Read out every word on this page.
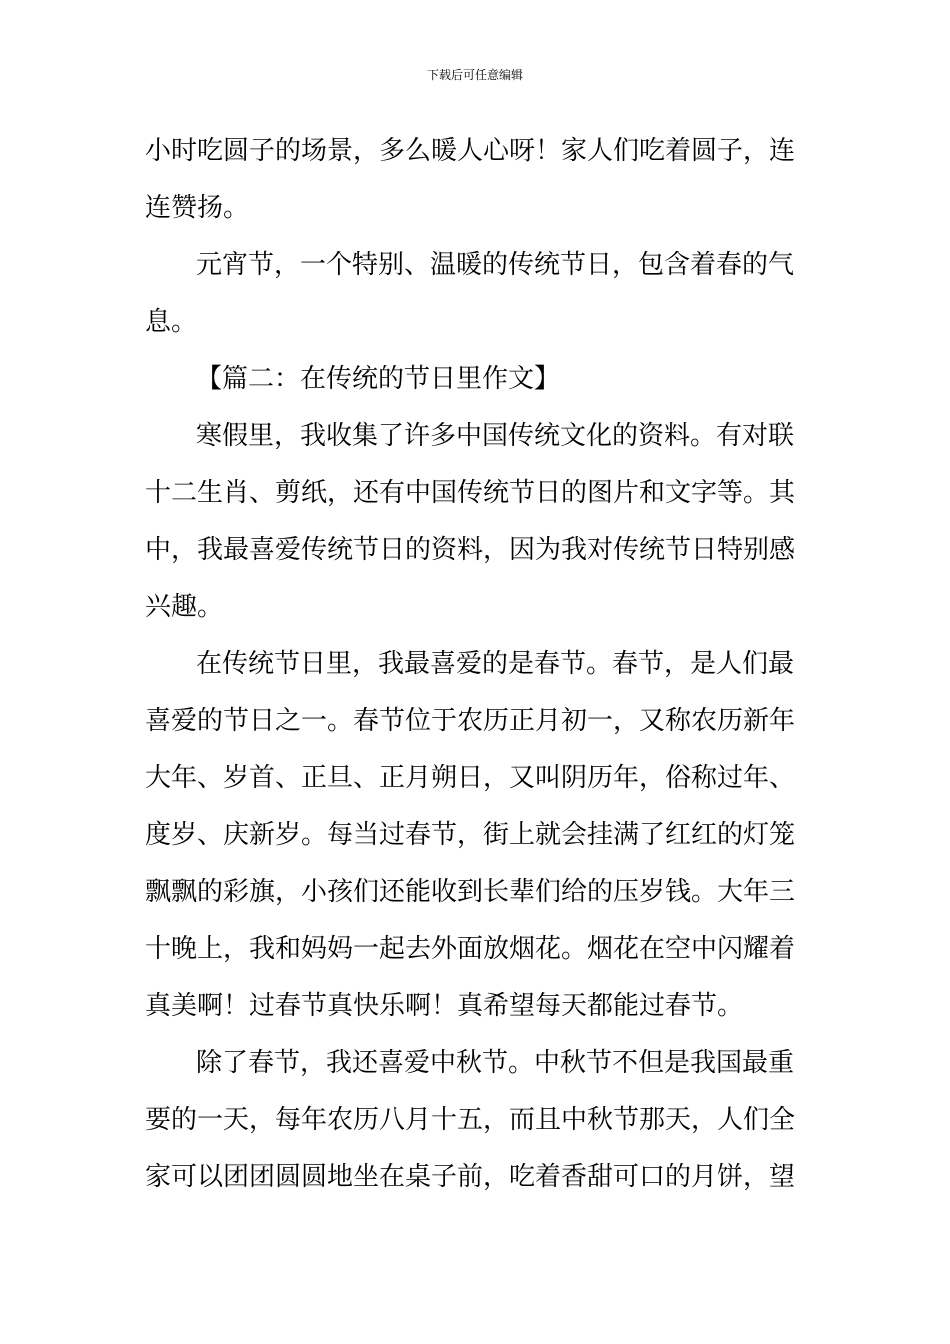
下载后可任意编辑
小时吃圆子的场景，多么暖人心呀！家人们吃着圆子，连
连赞扬。
元宵节，一个特别、温暖的传统节日，包含着春的气
息。
【篇二：在传统的节日里作文】
寒假里，我收集了许多中国传统文化的资料。有对联
十二生肖、剪纸，还有中国传统节日的图片和文字等。其
中，我最喜爱传统节日的资料，因为我对传统节日特别感
兴趣。
在传统节日里，我最喜爱的是春节。春节，是人们最
喜爱的节日之一。春节位于农历正月初一，又称农历新年
大年、岁首、正旦、正月朔日，又叫阴历年，俗称过年、
度岁、庆新岁。每当过春节，街上就会挂满了红红的灯笼
飘飘的彩旗，小孩们还能收到长辈们给的压岁钱。大年三
十晚上，我和妈妈一起去外面放烟花。烟花在空中闪耀着
真美啊！过春节真快乐啊！真希望每天都能过春节。
除了春节，我还喜爱中秋节。中秋节不但是我国最重
要的一天，每年农历八月十五，而且中秋节那天，人们全
家可以团团圆圆地坐在桌子前，吃着香甜可口的月饼，望
